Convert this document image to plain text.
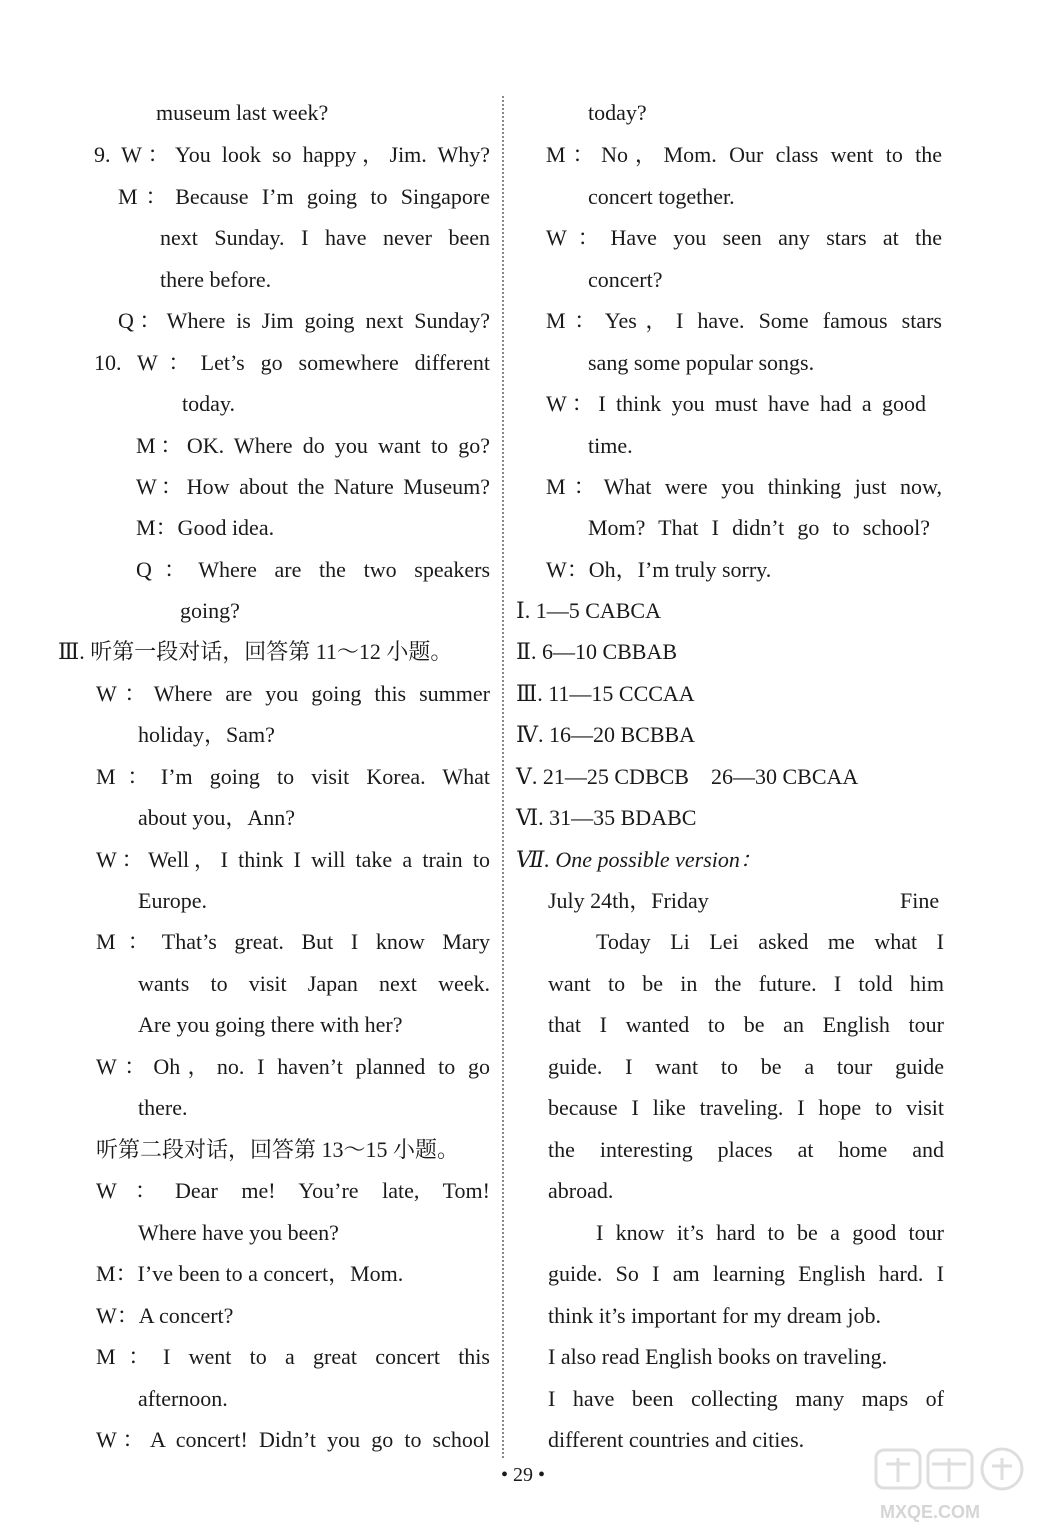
museum last week?
9. W：You look so happy，Jim. Why?
M：Because I’m going to Singapore
next Sunday. I have never been
there before.
Q：Where is Jim going next Sunday?
10. W：Let’s go somewhere different
today.
M：OK. Where do you want to go?
W：How about the Nature Museum?
M：Good idea.
Q：Where are the two speakers
going?
Ⅲ. 听第一段对话，回答第 11～12 小题。
W：Where are you going this summer
holiday，Sam?
M：I’m going to visit Korea. What
about you，Ann?
W：Well，I think I will take a train to
Europe.
M：That’s great. But I know Mary
wants to visit Japan next week.
Are you going there with her?
W：Oh，no. I haven’t planned to go
there.
听第二段对话，回答第 13～15 小题。
W：Dear me! You’re late, Tom!
Where have you been?
M：I’ve been to a concert，Mom.
W：A concert?
M：I went to a great concert this
afternoon.
W：A concert! Didn’t you go to school
today?
M：No，Mom. Our class went to the
concert together.
W：Have you seen any stars at the
concert?
M：Yes，I have. Some famous stars
sang some popular songs.
W：I think you must have had a good
time.
M：What were you thinking just now,
Mom? That I didn’t go to school?
W：Oh，I’m truly sorry.
Ⅰ. 1—5 CABCA
Ⅱ. 6—10 CBBAB
Ⅲ. 11—15 CCCAA
Ⅳ. 16—20 BCBBA
Ⅴ. 21—25 CDBCB    26—30 CBCAA
Ⅵ. 31—35 BDABC
Ⅶ. One possible version：
July 24th，Friday	Fine
Today Li Lei asked me what I
want to be in the future. I told him
that I wanted to be an English tour
guide. I want to be a tour guide
because I like traveling. I hope to visit
the interesting places at home and
abroad.
I know it’s hard to be a good tour
guide. So I am learning English hard. I
think it’s important for my dream job.
I also read English books on traveling.
I have been collecting many maps of
different countries and cities.
• 29 •
MXQE.COM
